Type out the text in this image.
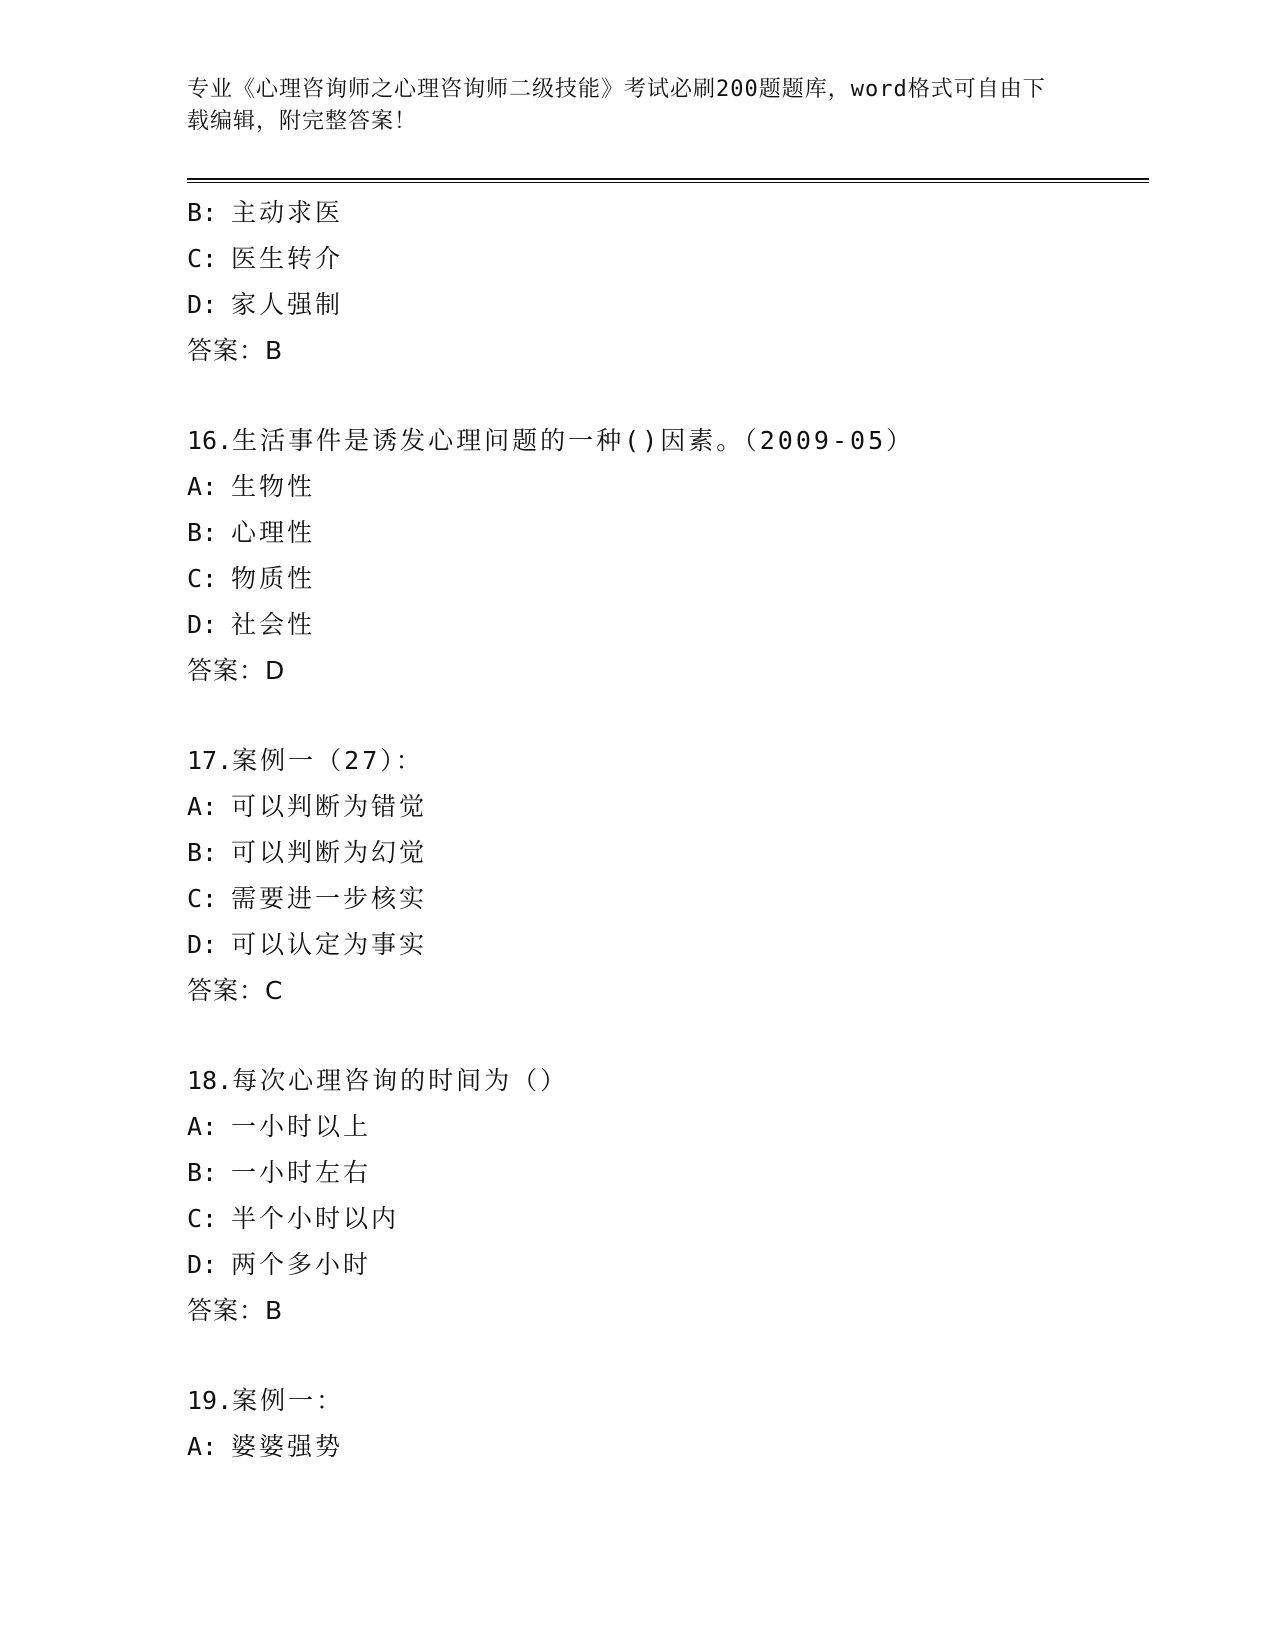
专业《心理咨询师之心理咨询师二级技能》考试必刷200题题库，word格式可自由下载编辑，附完整答案！
B: 主动求医
C: 医生转介
D: 家人强制
答案：B
16.生活事件是诱发心理问题的一种()因素。（2009-05）
A: 生物性
B: 心理性
C: 物质性
D: 社会性
答案：D
17.案例一（27）：
A: 可以判断为错觉
B: 可以判断为幻觉
C: 需要进一步核实
D: 可以认定为事实
答案：C
18.每次心理咨询的时间为（）
A: 一小时以上
B: 一小时左右
C: 半个小时以内
D: 两个多小时
答案：B
19.案例一：
A: 婆婆强势
